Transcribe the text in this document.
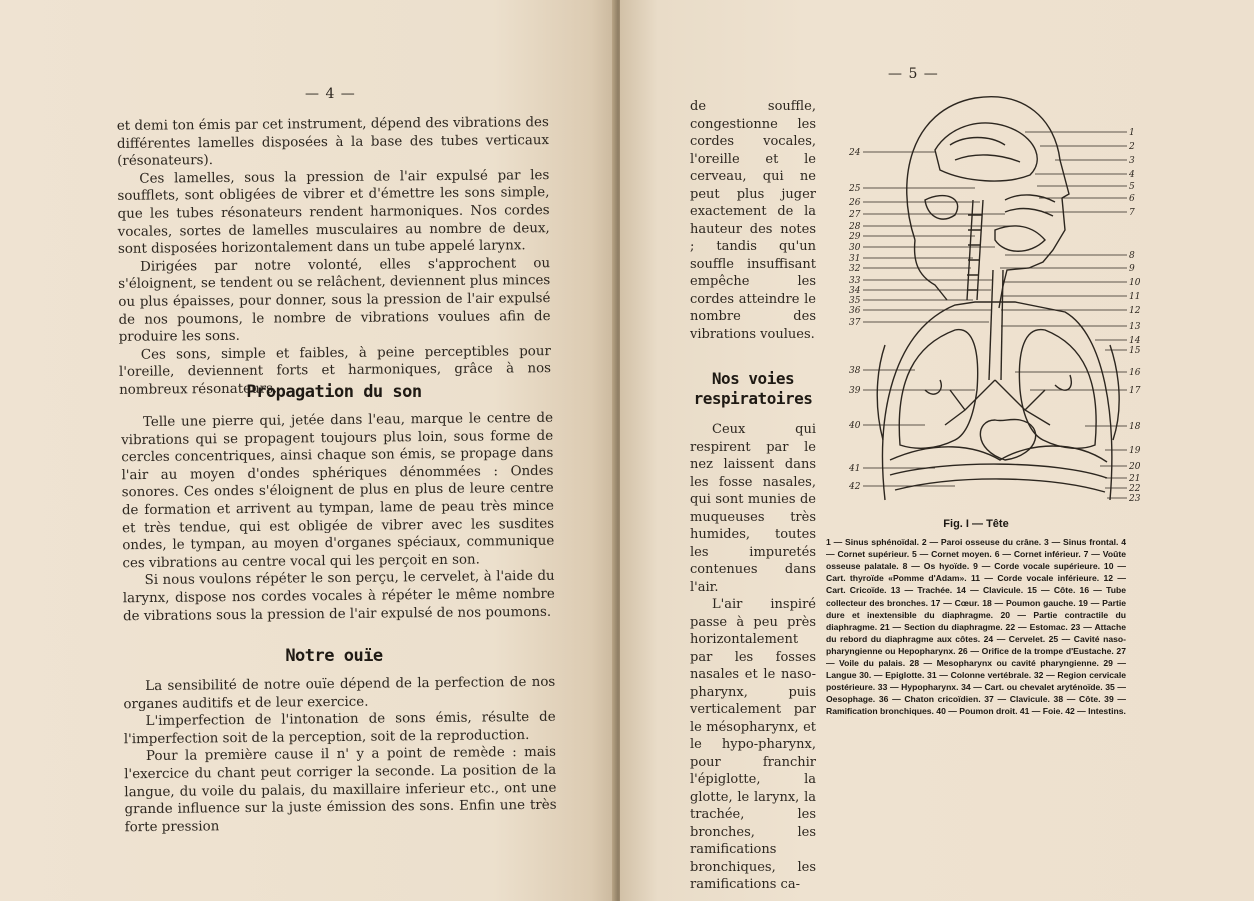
— 4 —

et demi ton émis par cet instrument, dépend des vibrations des différentes lamelles disposées à la base des tubes verticaux (résonateurs).

Ces lamelles, sous la pression de l'air expulsé par les soufflets, sont obligées de vibrer et d'émettre les sons simple, que les tubes résonateurs rendent harmoniques. Nos cordes vocales, sortes de lamelles musculaires au nombre de deux, sont disposées horizontalement dans un tube appelé larynx.

Dirigées par notre volonté, elles s'approchent ou s'éloignent, se tendent ou se relâchent, deviennent plus minces ou plus épaisses, pour donner, sous la pression de l'air expulsé de nos poumons, le nombre de vibrations voulues afin de produire les sons.

Ces sons, simple et faibles, à peine perceptibles pour l'oreille, deviennent forts et harmoniques, grâce à nos nombreux résonateurs.

Propagation du son

Telle une pierre qui, jetée dans l'eau, marque le centre de vibrations qui se propagent toujours plus loin, sous forme de cercles concentriques, ainsi chaque son émis, se propage dans l'air au moyen d'ondes sphériques dénommées : Ondes sonores. Ces ondes s'éloignent de plus en plus de leure centre de formation et arrivent au tympan, lame de peau très mince et très tendue, qui est obligée de vibrer avec les susdites ondes, le tympan, au moyen d'organes spéciaux, communique ces vibrations au centre vocal qui les perçoit en son.

Si nous voulons répéter le son perçu, le cervelet, à l'aide du larynx, dispose nos cordes vocales à répéter le même nombre de vibrations sous la pression de l'air expulsé de nos poumons.

Notre ouïe

La sensibilité de notre ouïe dépend de la perfection de nos organes auditifs et de leur exercice.

L'imperfection de l'intonation de sons émis, résulte de l'imperfection soit de la perception, soit de la reproduction.

Pour la première cause il n' y a point de remède : mais l'exercice du chant peut corriger la seconde. La position de la langue, du voile du palais, du maxillaire inferieur etc., ont une grande influence sur la juste émission des sons. Enfin une très forte pression

— 5 —

de souffle, congestionne les cordes vocales, l'oreille et le cerveau, qui ne peut plus juger exactement de la hauteur des notes ; tandis qu'un souffle insuffisant empêche les cordes atteindre le nombre des vibrations voulues.

Nos voies respiratoires

Ceux qui respirent par le nez laissent dans les fosse nasales, qui sont munies de muqueuses très humides, toutes les impuretés contenues dans l'air.

L'air inspiré passe à peu près horizontalement par les fosses nasales et le naso-pharynx, puis verticalement par le mésopharynx, et le hypo-pharynx, pour franchir l'épiglotte, la glotte, le larynx, la trachée, les bronches, les ramifications bronchiques, les ramifications ca-

1
2
3
4
5
6
7
8
9
10
11
12
13
14
15
16
17
18
19
20
21
22
23
24
25
26
27
28
29
30
31
32
33
34
35
36
37
38
39
40
41
42
Fig. I — Tête
1 — Sinus sphénoïdal. 2 — Paroi osseuse du crâne. 3 — Sinus frontal. 4 — Cornet supérieur. 5 — Cornet moyen. 6 — Cornet inférieur. 7 — Voûte osseuse palatale. 8 — Os hyoïde. 9 — Corde vocale supérieure. 10 — Cart. thyroïde «Pomme d'Adam». 11 — Corde vocale inférieure. 12 — Cart. Cricoïde. 13 — Trachée. 14 — Clavicule. 15 — Côte. 16 — Tube collecteur des bronches. 17 — Cœur. 18 — Poumon gauche. 19 — Partie dure et inextensible du diaphragme. 20 — Partie contractile du diaphragme. 21 — Section du diaphragme. 22 — Estomac. 23 — Attache du rebord du diaphragme aux côtes. 24 — Cervelet. 25 — Cavité naso-pharyngienne ou Hepopharynx. 26 — Orifice de la trompe d'Eustache. 27 — Voile du palais. 28 — Mesopharynx ou cavité pharyngienne. 29 — Langue 30. — Epiglotte. 31 — Colonne vertébrale. 32 — Region cervicale postérieure. 33 — Hypopharynx. 34 — Cart. ou chevalet aryténoïde. 35 — Oesophage. 36 — Chaton cricoïdien. 37 — Clavicule. 38 — Côte. 39 — Ramification bronchiques. 40 — Poumon droit. 41 — Foie. 42 — Intestins.
